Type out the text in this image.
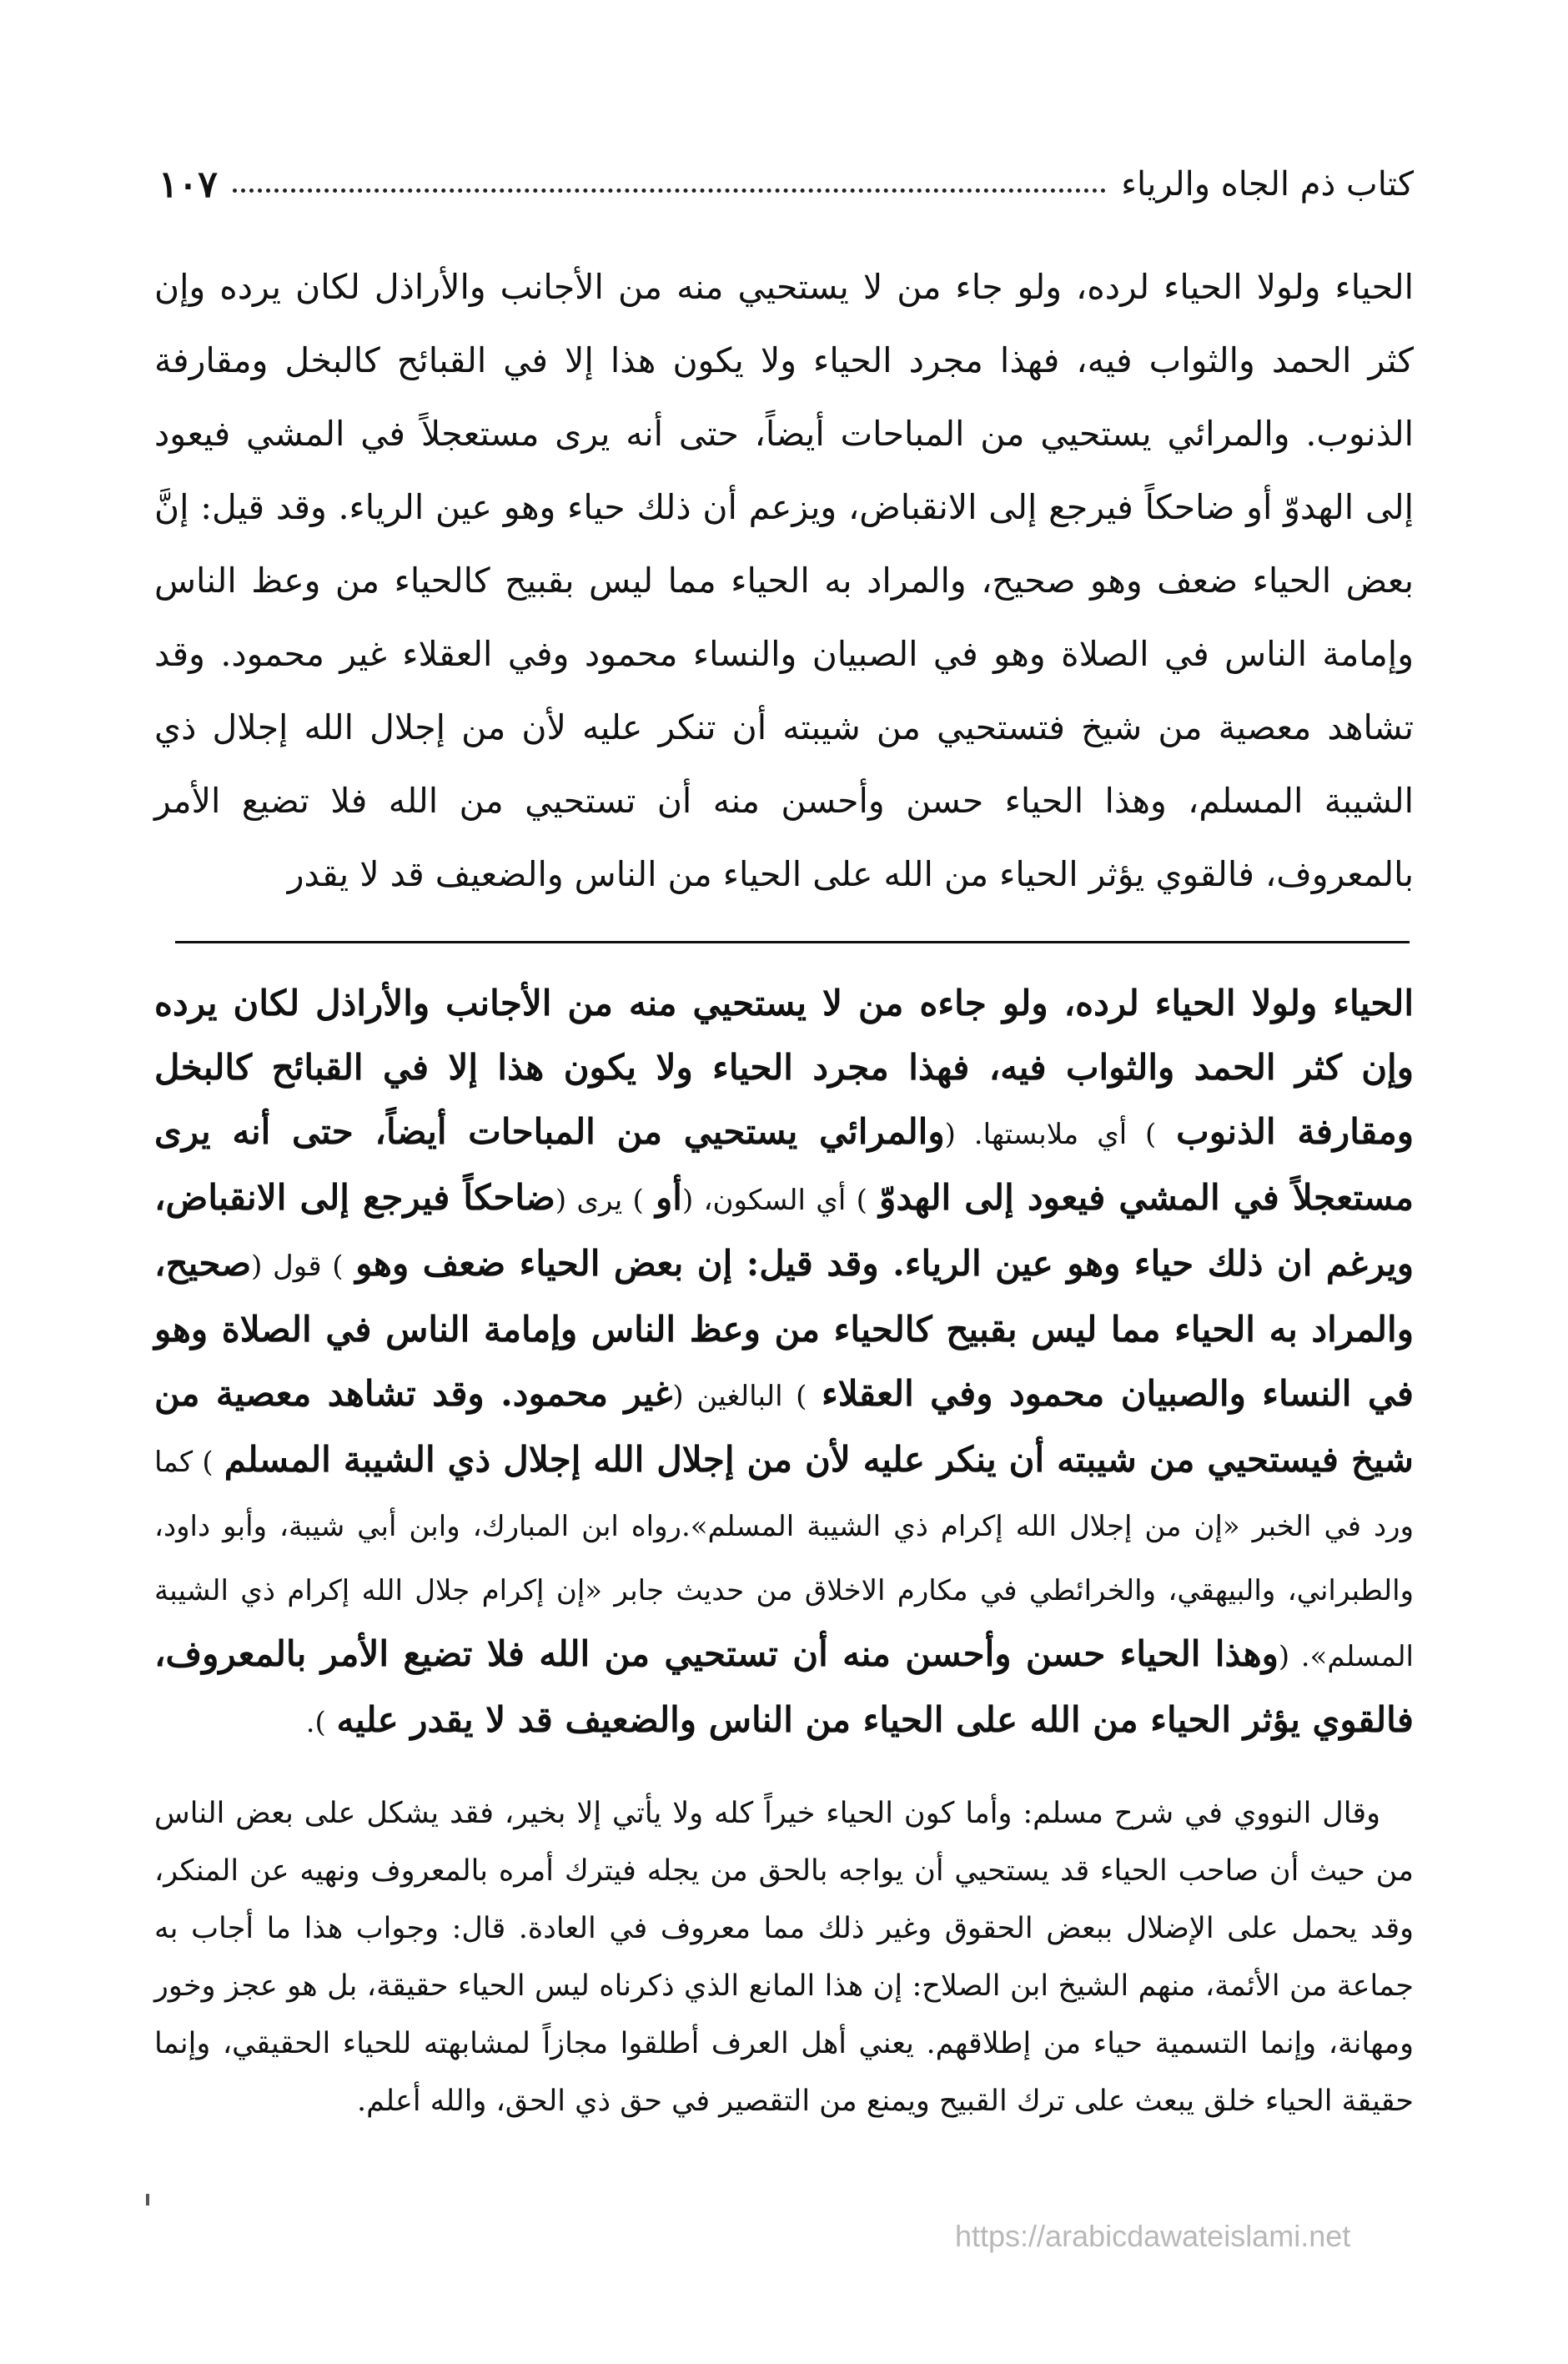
كتاب ذم الجاه والرياء
١٠٧

الحياء ولولا الحياء لرده، ولو جاء من لا يستحيي منه من الأجانب والأراذل لكان يرده وإن كثر الحمد والثواب فيه، فهذا مجرد الحياء ولا يكون هذا إلا في القبائح كالبخل ومقارفة الذنوب. والمرائي يستحيي من المباحات أيضاً، حتى أنه يرى مستعجلاً في المشي فيعود إلى الهدوّ أو ضاحكاً فيرجع إلى الانقباض، ويزعم أن ذلك حياء وهو عين الرياء. وقد قيل: إنَّ بعض الحياء ضعف وهو صحيح، والمراد به الحياء مما ليس بقبيح كالحياء من وعظ الناس وإمامة الناس في الصلاة وهو في الصبيان والنساء محمود وفي العقلاء غير محمود. وقد تشاهد معصية من شيخ فتستحيي من شيبته أن تنكر عليه لأن من إجلال الله إجلال ذي الشيبة المسلم، وهذا الحياء حسن وأحسن منه أن تستحيي من الله فلا تضيع الأمر بالمعروف، فالقوي يؤثر الحياء من الله على الحياء من الناس والضعيف قد لا يقدر

الحياء ولولا الحياء لرده، ولو جاءه من لا يستحيي منه من الأجانب والأراذل لكان يرده وإن كثر الحمد والثواب فيه، فهذا مجرد الحياء ولا يكون هذا إلا في القبائح كالبخل ومقارفة الذنوب ) أي ملابستها. (والمرائي يستحيي من المباحات أيضاً، حتى أنه يرى مستعجلاً في المشي فيعود إلى الهدوّ ) أي السكون، (أو ) يرى (ضاحكاً فيرجع إلى الانقباض، ويرغم ان ذلك حياء وهو عين الرياء. وقد قيل: إن بعض الحياء ضعف وهو ) قول (صحيح، والمراد به الحياء مما ليس بقبيح كالحياء من وعظ الناس وإمامة الناس في الصلاة وهو في النساء والصبيان محمود وفي العقلاء ) البالغين (غير محمود. وقد تشاهد معصية من شيخ فيستحيي من شيبته أن ينكر عليه لأن من إجلال الله إجلال ذي الشيبة المسلم ) كما ورد في الخبر «إن من إجلال الله إكرام ذي الشيبة المسلم».رواه ابن المبارك، وابن أبي شيبة، وأبو داود، والطبراني، والبيهقي، والخرائطي في مكارم الاخلاق من حديث جابر «إن إكرام جلال الله إكرام ذي الشيبة المسلم». (وهذا الحياء حسن وأحسن منه أن تستحيي من الله فلا تضيع الأمر بالمعروف، فالقوي يؤثر الحياء من الله على الحياء من الناس والضعيف قد لا يقدر عليه ).

وقال النووي في شرح مسلم: وأما كون الحياء خيراً كله ولا يأتي إلا بخير، فقد يشكل على بعض الناس من حيث أن صاحب الحياء قد يستحيي أن يواجه بالحق من يجله فيترك أمره بالمعروف ونهيه عن المنكر، وقد يحمل على الإضلال ببعض الحقوق وغير ذلك مما معروف في العادة. قال: وجواب هذا ما أجاب به جماعة من الأئمة، منهم الشيخ ابن الصلاح: إن هذا المانع الذي ذكرناه ليس الحياء حقيقة، بل هو عجز وخور ومهانة، وإنما التسمية حياء من إطلاقهم. يعني أهل العرف أطلقوا مجازاً لمشابهته للحياء الحقيقي، وإنما حقيقة الحياء خلق يبعث على ترك القبيح ويمنع من التقصير في حق ذي الحق، والله أعلم.

https://arabicdawateislami.net
